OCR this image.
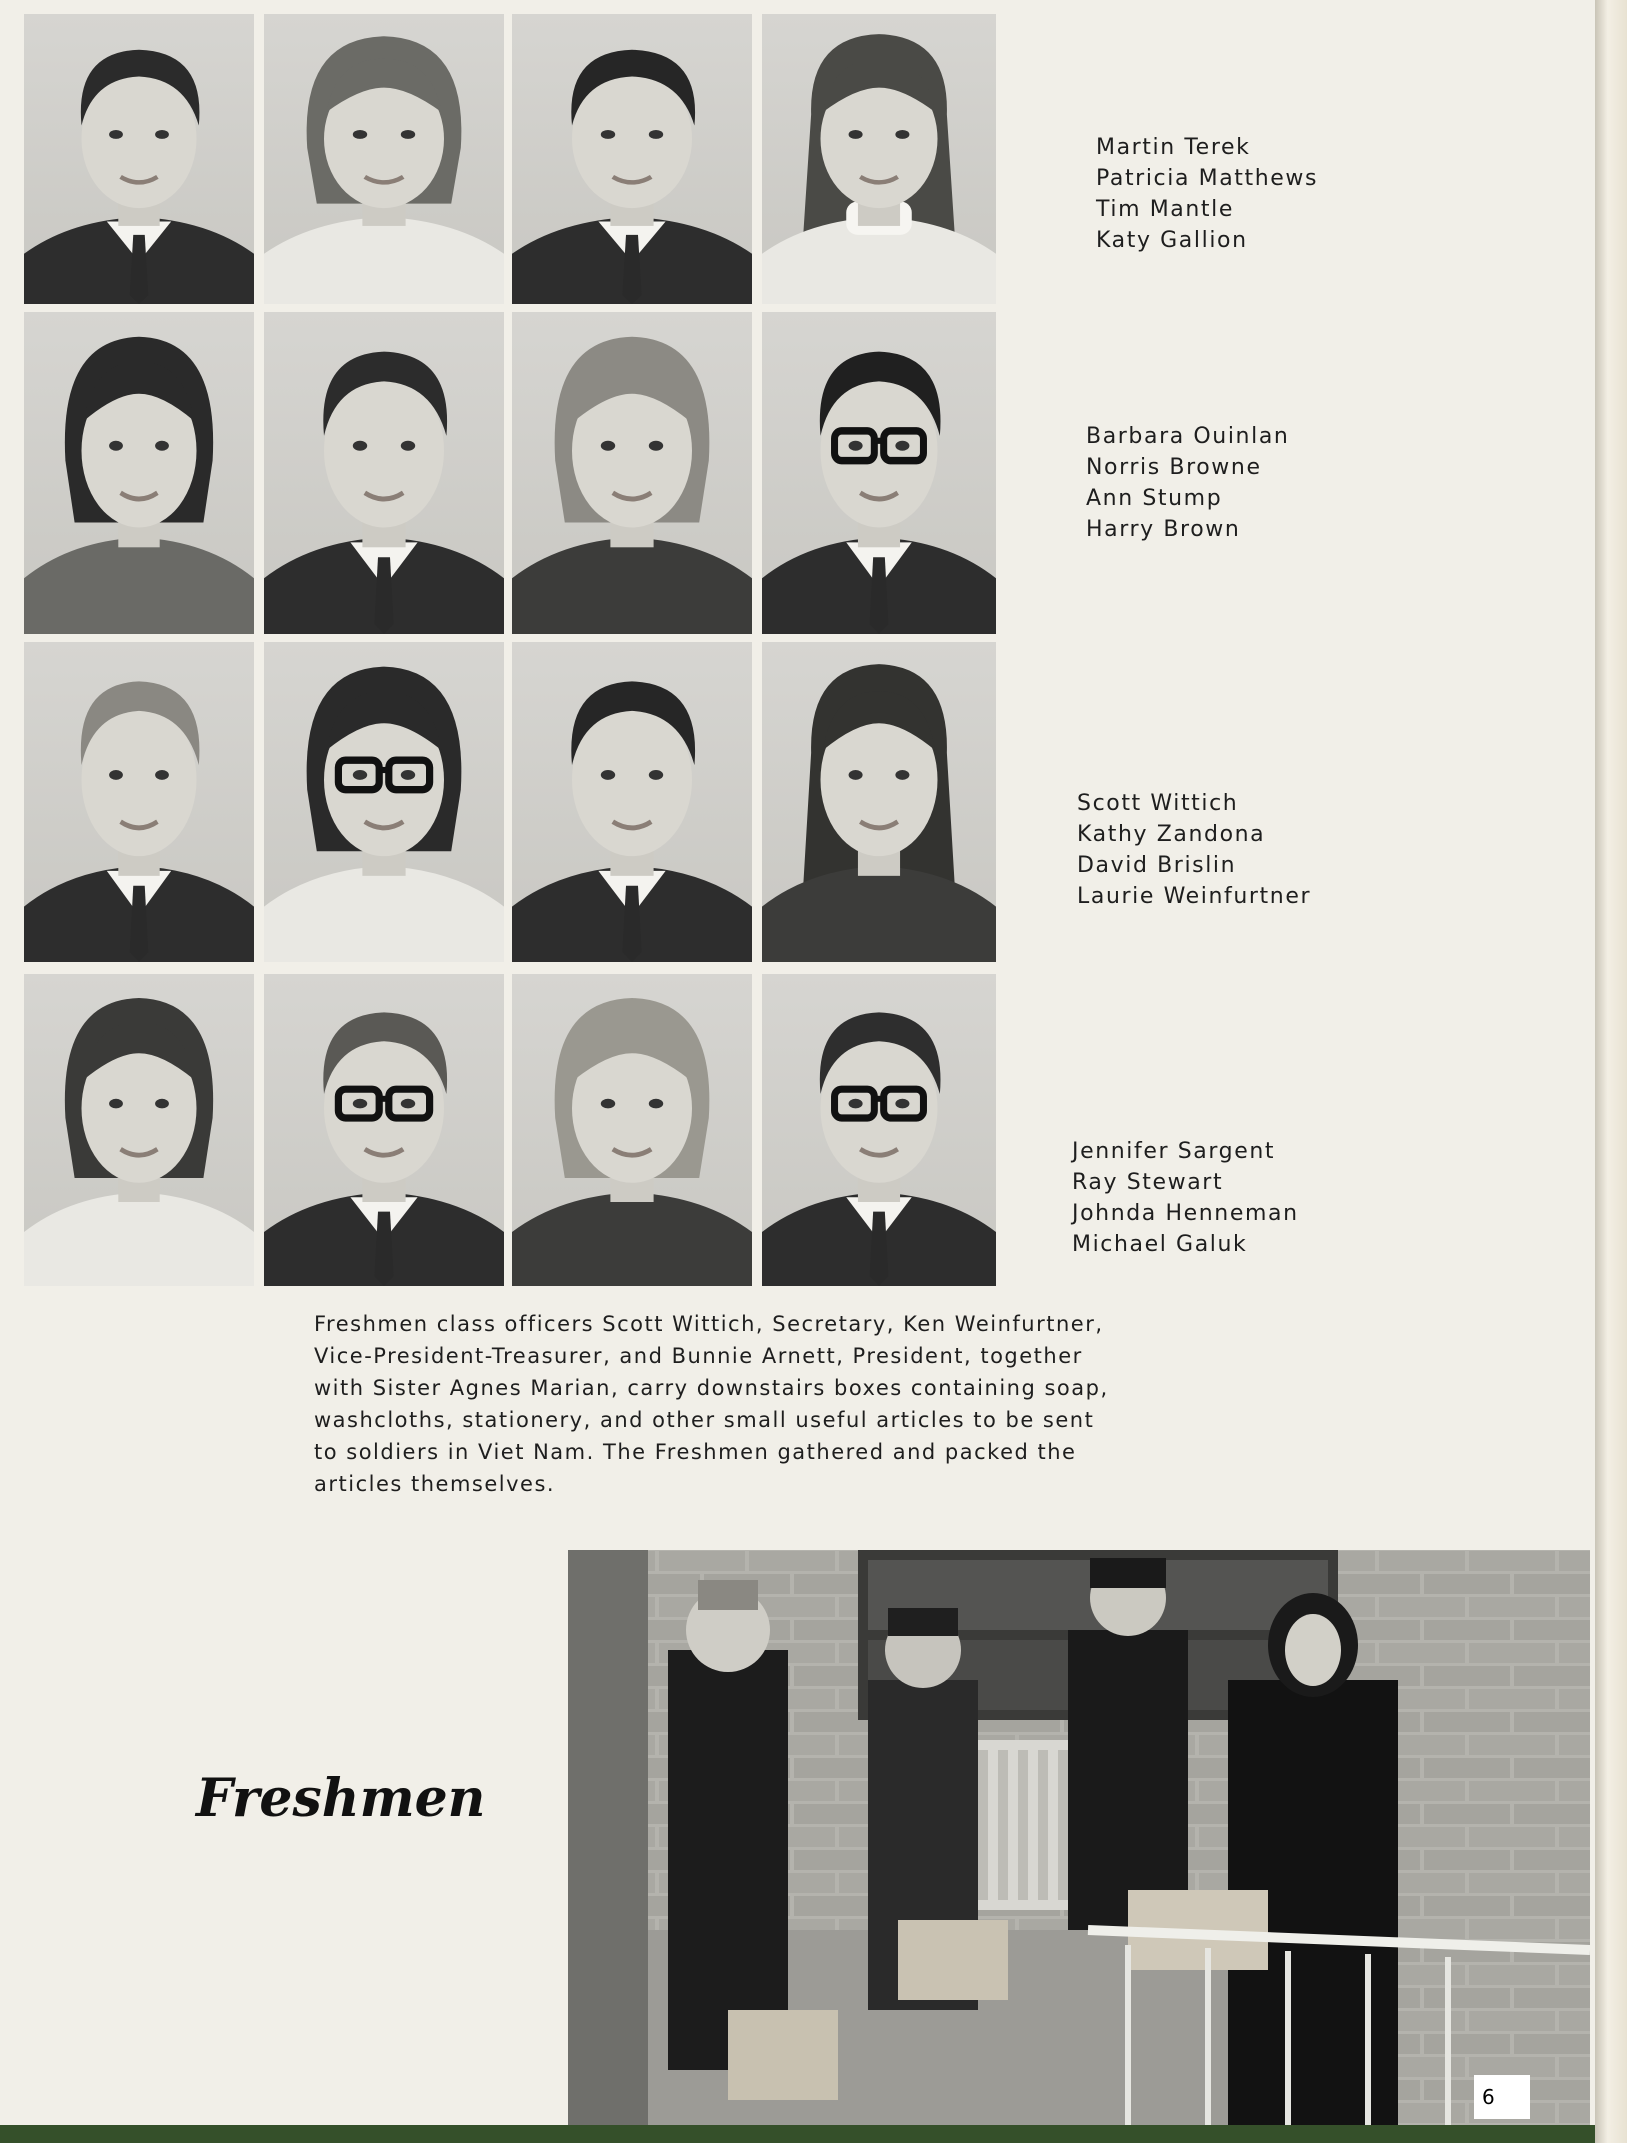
Martin Terek
Patricia Matthews
Tim Mantle
Katy Gallion
Barbara Ouinlan
Norris Browne
Ann Stump
Harry Brown
Scott Wittich
Kathy Zandona
David Brislin
Laurie Weinfurtner
Jennifer Sargent
Ray Stewart
Johnda Henneman
Michael Galuk
Freshmen class officers Scott Wittich, Secretary, Ken Weinfurtner,
Vice-President-Treasurer, and Bunnie Arnett, President, together
with Sister Agnes Marian, carry downstairs boxes containing soap,
washcloths, stationery, and other small useful articles to be sent
to soldiers in Viet Nam. The Freshmen gathered and packed the
articles themselves.
Freshmen
6
